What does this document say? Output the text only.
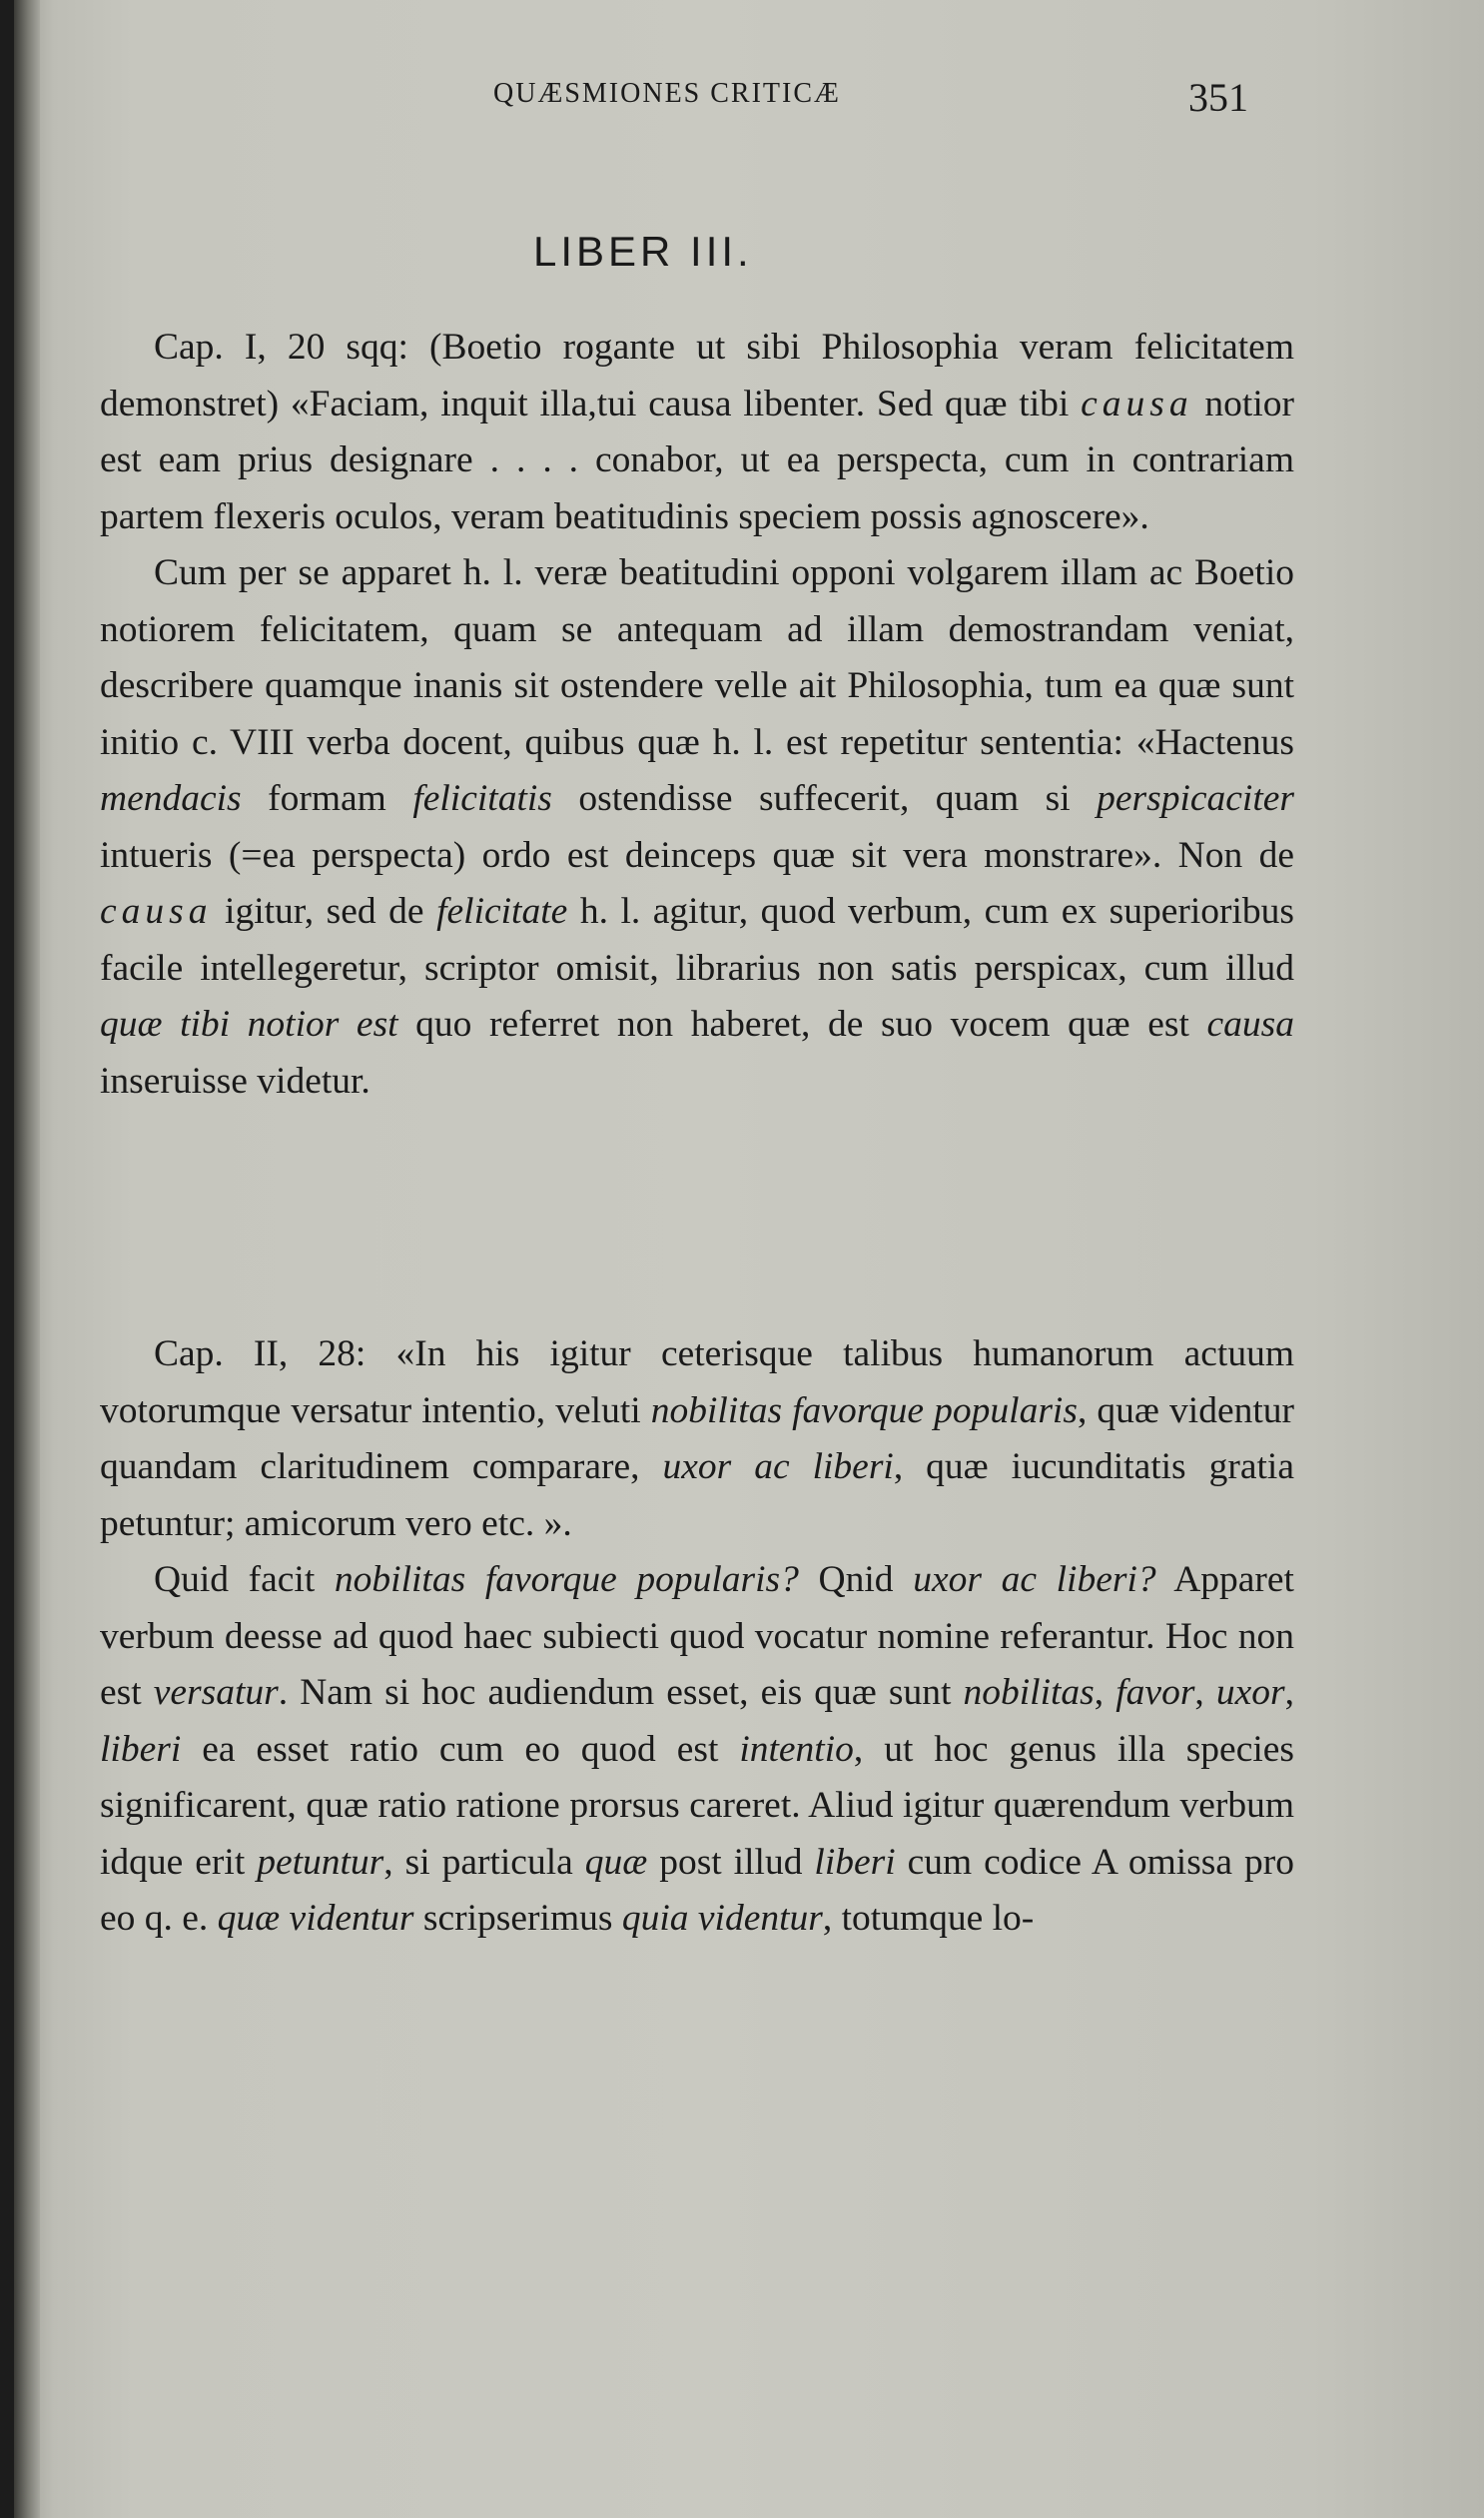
QUÆSMIONES CRITICÆ	351
LIBER III.

Cap. I, 20 sqq: (Boetio rogante ut sibi Philosophia veram felicitatem demonstret) «Faciam, inquit illa,tui causa libenter. Sed quæ tibi causa notior est eam prius designare . . . . conabor, ut ea perspecta, cum in contrariam partem flexeris oculos, veram beatitudinis speciem possis agnoscere».

Cum per se apparet h. l. veræ beatitudini opponi volgarem illam ac Boetio notiorem felicitatem, quam se antequam ad illam demostrandam veniat, describere quamque inanis sit ostendere velle ait Philosophia, tum ea quæ sunt initio c. VIII verba docent, quibus quæ h. l. est repetitur sententia: «Hactenus mendacis formam felicitatis ostendisse suffecerit, quam si perspicaciter intueris (=ea perspecta) ordo est deinceps quæ sit vera monstrare». Non de causa igitur, sed de felicitate h. l. agitur, quod verbum, cum ex superioribus facile intellegeretur, scriptor omisit, librarius non satis perspicax, cum illud quæ tibi notior est quo referret non haberet, de suo vocem quæ est causa inseruisse videtur.

Cap. II, 28: «In his igitur ceterisque talibus humanorum actuum votorumque versatur intentio, veluti nobilitas favorque popularis, quæ videntur quandam claritudinem comparare, uxor ac liberi, quæ iucunditatis gratia petuntur; amicorum vero etc. ».

Quid facit nobilitas favorque popularis? Qnid uxor ac liberi? Apparet verbum deesse ad quod haec subiecti quod vocatur nomine referantur. Hoc non est versatur. Nam si hoc audiendum esset, eis quæ sunt nobilitas, favor, uxor, liberi ea esset ratio cum eo quod est intentio, ut hoc genus illa species significarent, quæ ratio ratione prorsus careret. Aliud igitur quærendum verbum idque erit petuntur, si particula quæ post illud liberi cum codice A omissa pro eo q. e. quæ videntur scripserimus quia videntur, totumque lo-
